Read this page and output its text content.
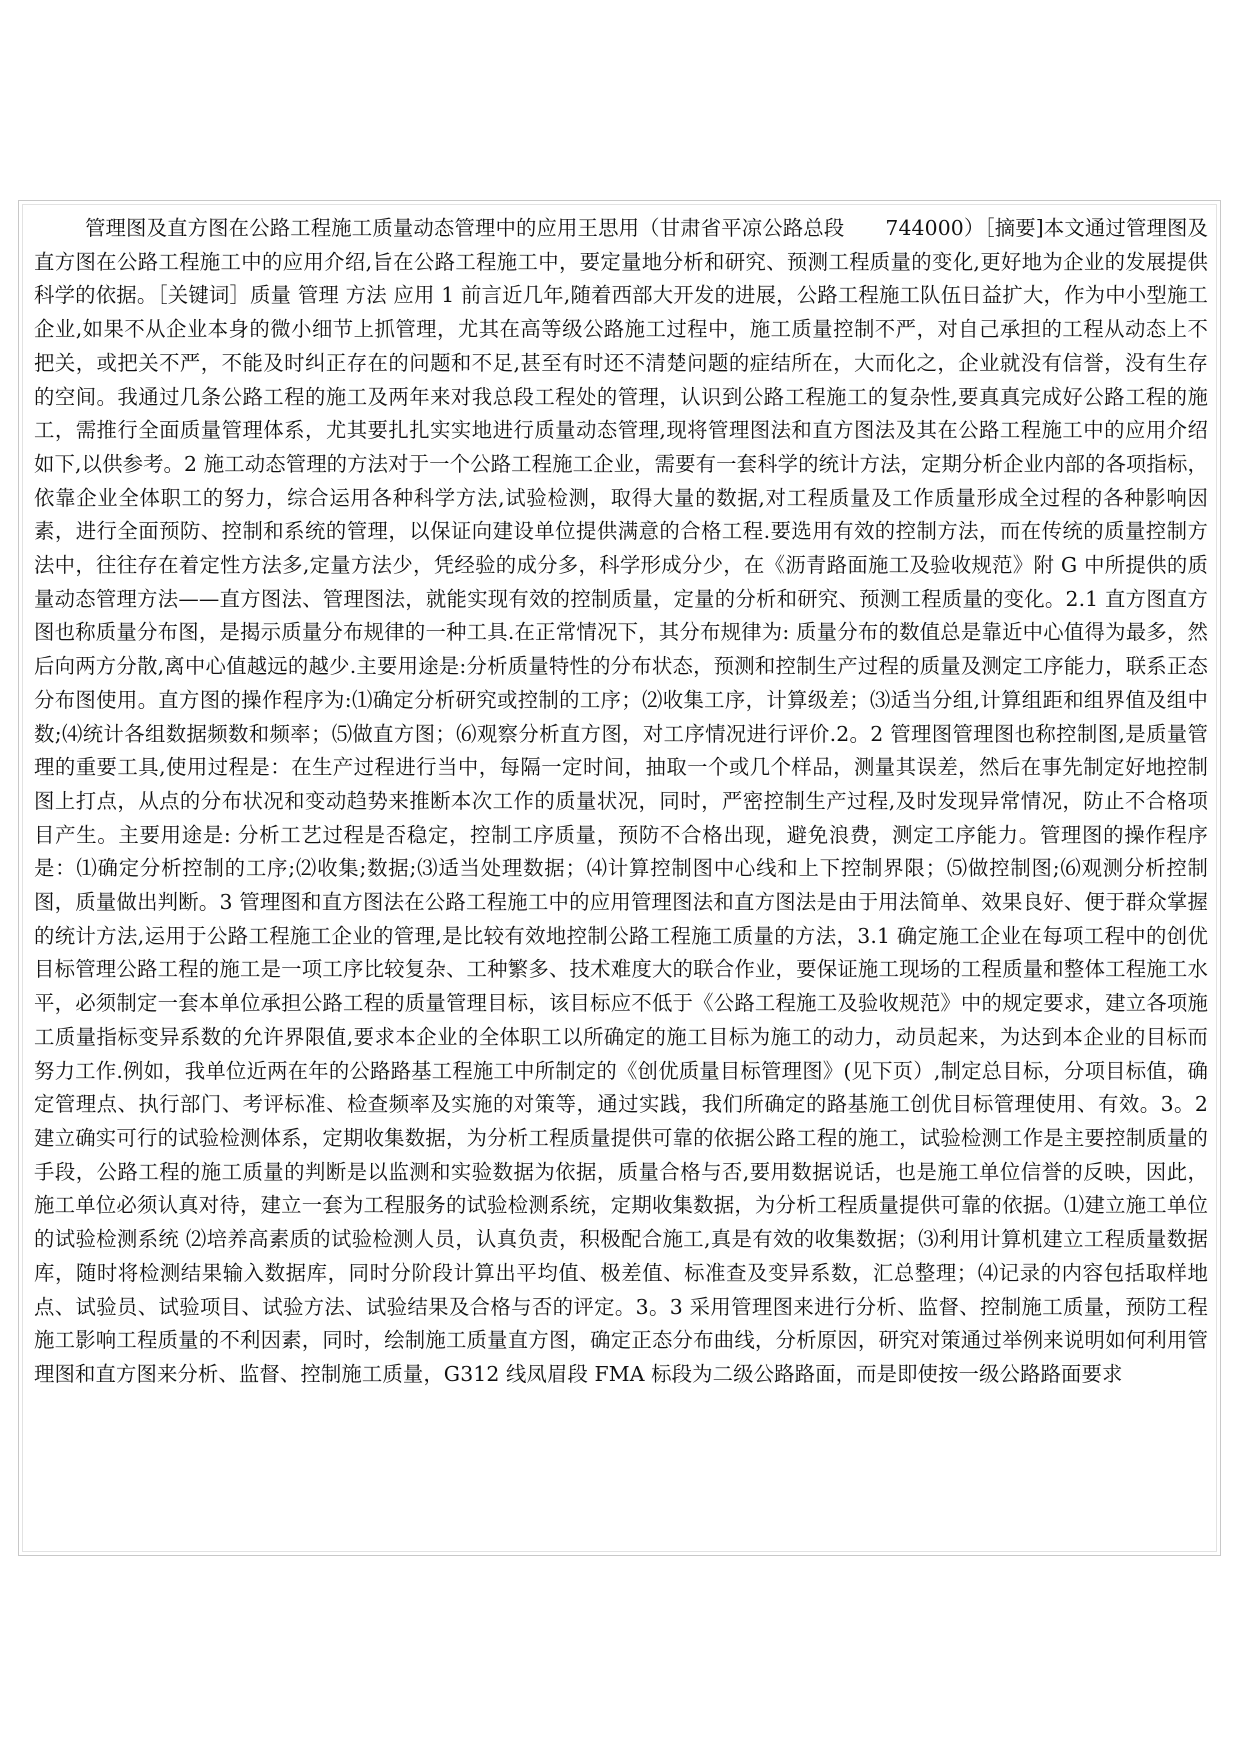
管理图及直方图在公路工程施工质量动态管理中的应用王思用（甘肃省平凉公路总段　　744000）［摘要]本文通过管理图及直方图在公路工程施工中的应用介绍,旨在公路工程施工中，要定量地分析和研究、预测工程质量的变化,更好地为企业的发展提供科学的依据。［关键词］质量 管理 方法 应用 1 前言近几年,随着西部大开发的进展，公路工程施工队伍日益扩大，作为中小型施工企业,如果不从企业本身的微小细节上抓管理，尤其在高等级公路施工过程中，施工质量控制不严，对自己承担的工程从动态上不把关，或把关不严，不能及时纠正存在的问题和不足,甚至有时还不清楚问题的症结所在，大而化之，企业就没有信誉，没有生存的空间。我通过几条公路工程的施工及两年来对我总段工程处的管理，认识到公路工程施工的复杂性,要真真完成好公路工程的施工，需推行全面质量管理体系，尤其要扎扎实实地进行质量动态管理,现将管理图法和直方图法及其在公路工程施工中的应用介绍如下,以供参考。2 施工动态管理的方法对于一个公路工程施工企业，需要有一套科学的统计方法，定期分析企业内部的各项指标，依靠企业全体职工的努力，综合运用各种科学方法,试验检测，取得大量的数据,对工程质量及工作质量形成全过程的各种影响因素，进行全面预防、控制和系统的管理，以保证向建设单位提供满意的合格工程.要选用有效的控制方法，而在传统的质量控制方法中，往往存在着定性方法多,定量方法少，凭经验的成分多，科学形成分少，在《沥青路面施工及验收规范》附 G 中所提供的质量动态管理方法——直方图法、管理图法，就能实现有效的控制质量，定量的分析和研究、预测工程质量的变化。2.1 直方图直方图也称质量分布图，是揭示质量分布规律的一种工具.在正常情况下，其分布规律为: 质量分布的数值总是靠近中心值得为最多，然后向两方分散,离中心值越远的越少.主要用途是:分析质量特性的分布状态，预测和控制生产过程的质量及测定工序能力，联系正态分布图使用。直方图的操作程序为:⑴确定分析研究或控制的工序；⑵收集工序，计算级差；⑶适当分组,计算组距和组界值及组中数;⑷统计各组数据频数和频率；⑸做直方图；⑹观察分析直方图，对工序情况进行评价.2。2 管理图管理图也称控制图,是质量管理的重要工具,使用过程是：在生产过程进行当中，每隔一定时间，抽取一个或几个样品，测量其误差，然后在事先制定好地控制图上打点，从点的分布状况和变动趋势来推断本次工作的质量状况，同时，严密控制生产过程,及时发现异常情况，防止不合格项目产生。主要用途是: 分析工艺过程是否稳定，控制工序质量，预防不合格出现，避免浪费，测定工序能力。管理图的操作程序是：⑴确定分析控制的工序;⑵收集;数据;⑶适当处理数据；⑷计算控制图中心线和上下控制界限；⑸做控制图;⑹观测分析控制图，质量做出判断。3 管理图和直方图法在公路工程施工中的应用管理图法和直方图法是由于用法简单、效果良好、便于群众掌握的统计方法,运用于公路工程施工企业的管理,是比较有效地控制公路工程施工质量的方法，3.1 确定施工企业在每项工程中的创优目标管理公路工程的施工是一项工序比较复杂、工种繁多、技术难度大的联合作业，要保证施工现场的工程质量和整体工程施工水平，必须制定一套本单位承担公路工程的质量管理目标，该目标应不低于《公路工程施工及验收规范》中的规定要求，建立各项施工质量指标变异系数的允许界限值,要求本企业的全体职工以所确定的施工目标为施工的动力，动员起来，为达到本企业的目标而努力工作.例如，我单位近两在年的公路路基工程施工中所制定的《创优质量目标管理图》(见下页）,制定总目标，分项目标值，确定管理点、执行部门、考评标准、检查频率及实施的对策等，通过实践，我们所确定的路基施工创优目标管理使用、有效。3。2 建立确实可行的试验检测体系，定期收集数据，为分析工程质量提供可靠的依据公路工程的施工，试验检测工作是主要控制质量的手段，公路工程的施工质量的判断是以监测和实验数据为依据，质量合格与否,要用数据说话，也是施工单位信誉的反映，因此，施工单位必须认真对待，建立一套为工程服务的试验检测系统，定期收集数据，为分析工程质量提供可靠的依据。⑴建立施工单位的试验检测系统 ⑵培养高素质的试验检测人员，认真负责，积极配合施工,真是有效的收集数据；⑶利用计算机建立工程质量数据库，随时将检测结果输入数据库，同时分阶段计算出平均值、极差值、标准查及变异系数，汇总整理；⑷记录的内容包括取样地点、试验员、试验项目、试验方法、试验结果及合格与否的评定。3。3 采用管理图来进行分析、监督、控制施工质量，预防工程施工影响工程质量的不利因素，同时，绘制施工质量直方图，确定正态分布曲线，分析原因，研究对策通过举例来说明如何利用管理图和直方图来分析、监督、控制施工质量，G312 线凤眉段 FMA 标段为二级公路路面，而是即使按一级公路路面要求
